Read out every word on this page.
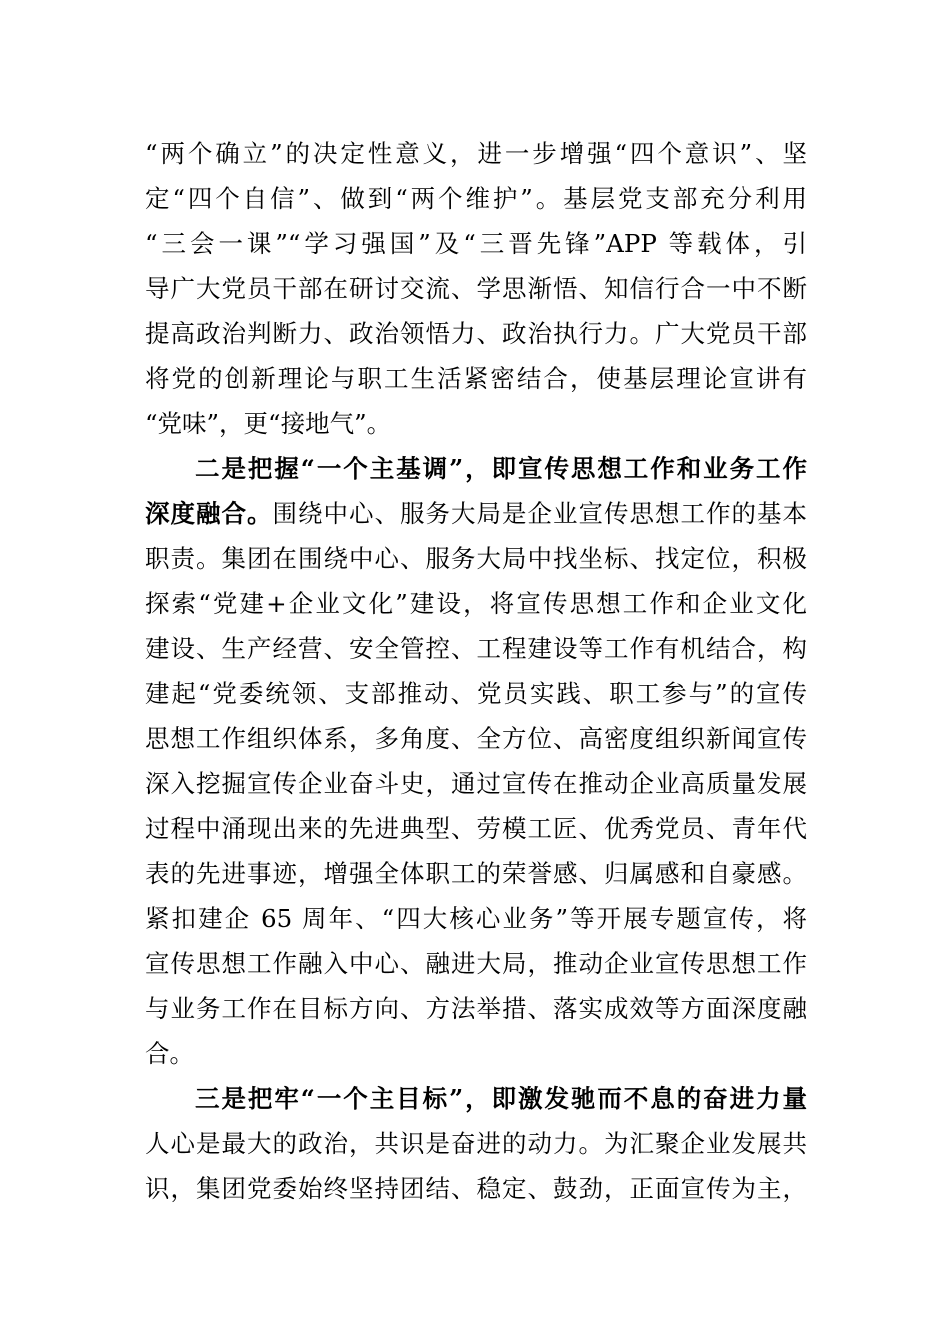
“两个确立”的决定性意义，进一步增强“四个意识”、坚
定“四个自信”、做到“两个维护”。基层党支部充分利用
“三会一课”“学习强国”及“三晋先锋”APP 等载体，引
导广大党员干部在研讨交流、学思渐悟、知信行合一中不断
提高政治判断力、政治领悟力、政治执行力。广大党员干部
将党的创新理论与职工生活紧密结合，使基层理论宣讲有
“党味”，更“接地气”。
二是把握“一个主基调”，即宣传思想工作和业务工作
深度融合。围绕中心、服务大局是企业宣传思想工作的基本
职责。集团在围绕中心、服务大局中找坐标、找定位，积极
探索“党建+企业文化”建设，将宣传思想工作和企业文化
建设、生产经营、安全管控、工程建设等工作有机结合，构
建起“党委统领、支部推动、党员实践、职工参与”的宣传
思想工作组织体系，多角度、全方位、高密度组织新闻宣传
深入挖掘宣传企业奋斗史，通过宣传在推动企业高质量发展
过程中涌现出来的先进典型、劳模工匠、优秀党员、青年代
表的先进事迹，增强全体职工的荣誉感、归属感和自豪感。
紧扣建企 65 周年、“四大核心业务”等开展专题宣传，将
宣传思想工作融入中心、融进大局，推动企业宣传思想工作
与业务工作在目标方向、方法举措、落实成效等方面深度融
合。
三是把牢“一个主目标”，即激发驰而不息的奋进力量
人心是最大的政治，共识是奋进的动力。为汇聚企业发展共
识，集团党委始终坚持团结、稳定、鼓劲，正面宣传为主，
